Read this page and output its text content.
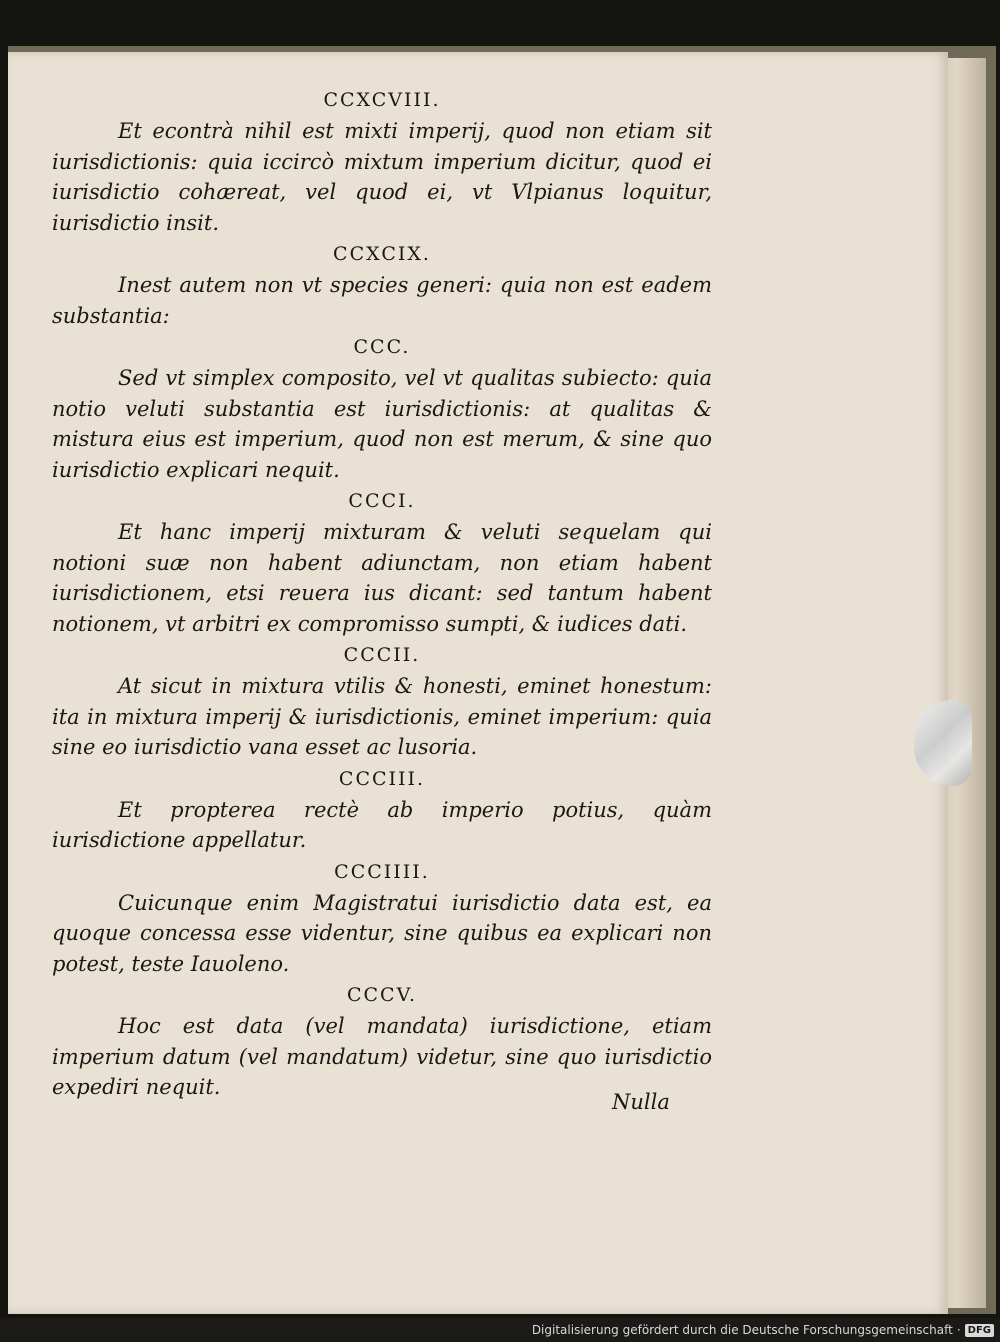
CCXCVIII.

Et econtrà nihil est mixti imperij, quod non etiam sit iurisdictionis: quia iccircò mixtum imperium dicitur, quod ei iurisdictio cohæreat, vel quod ei, vt Vlpianus loquitur, iurisdictio insit.

CCXCIX.

Inest autem non vt species generi: quia non est eadem substantia:

CCC.

Sed vt simplex composito, vel vt qualitas subiecto: quia notio veluti substantia est iurisdictionis: at qualitas & mistura eius est imperium, quod non est merum, & sine quo iurisdictio explicari nequit.

CCCI.

Et hanc imperij mixturam & veluti sequelam qui notioni suæ non habent adiunctam, non etiam habent iurisdictionem, etsi reuera ius dicant: sed tantum habent notionem, vt arbitri ex compromisso sumpti, & iudices dati.

CCCII.

At sicut in mixtura vtilis & honesti, eminet honestum: ita in mixtura imperij & iurisdictionis, eminet imperium: quia sine eo iurisdictio vana esset ac lusoria.

CCCIII.

Et propterea rectè ab imperio potius, quàm iurisdictione appellatur.

CCCIIII.

Cuicunque enim Magistratui iurisdictio data est, ea quoque concessa esse videntur, sine quibus ea explicari non potest, teste Iauoleno.

CCCV.

Hoc est data (vel mandata) iurisdictione, etiam imperium datum (vel mandatum) videtur, sine quo iurisdictio expediri nequit.

Nulla
Digitalisierung gefördert durch die Deutsche Forschungsgemeinschaft · DFG
